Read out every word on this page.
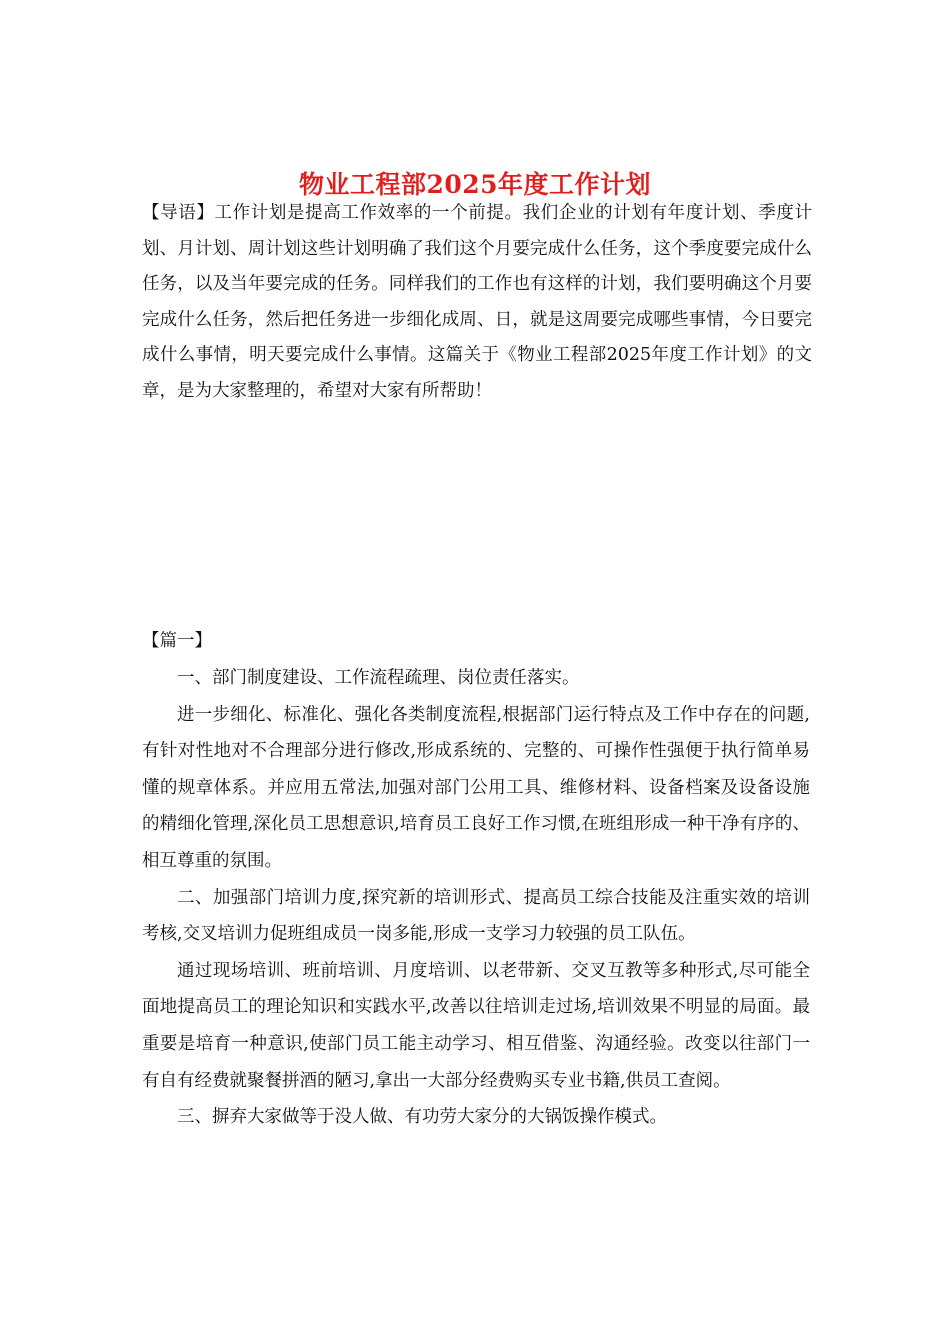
物业工程部2025年度工作计划

【导语】工作计划是提高工作效率的一个前提。我们企业的计划有年度计划、季度计划、月计划、周计划这些计划明确了我们这个月要完成什么任务，这个季度要完成什么任务，以及当年要完成的任务。同样我们的工作也有这样的计划，我们要明确这个月要完成什么任务，然后把任务进一步细化成周、日，就是这周要完成哪些事情，今日要完成什么事情，明天要完成什么事情。这篇关于《物业工程部2025年度工作计划》的文章，是为大家整理的，希望对大家有所帮助！

【篇一】

一、部门制度建设、工作流程疏理、岗位责任落实。

进一步细化、标准化、强化各类制度流程,根据部门运行特点及工作中存在的问题,有针对性地对不合理部分进行修改,形成系统的、完整的、可操作性强便于执行简单易懂的规章体系。并应用五常法,加强对部门公用工具、维修材料、设备档案及设备设施的精细化管理,深化员工思想意识,培育员工良好工作习惯,在班组形成一种干净有序的、相互尊重的氛围。

二、加强部门培训力度,探究新的培训形式、提高员工综合技能及注重实效的培训考核,交叉培训力促班组成员一岗多能,形成一支学习力较强的员工队伍。

通过现场培训、班前培训、月度培训、以老带新、交叉互教等多种形式,尽可能全面地提高员工的理论知识和实践水平,改善以往培训走过场,培训效果不明显的局面。最重要是培育一种意识,使部门员工能主动学习、相互借鉴、沟通经验。改变以往部门一有自有经费就聚餐拼酒的陋习,拿出一大部分经费购买专业书籍,供员工查阅。

三、摒弃大家做等于没人做、有功劳大家分的大锅饭操作模式。
